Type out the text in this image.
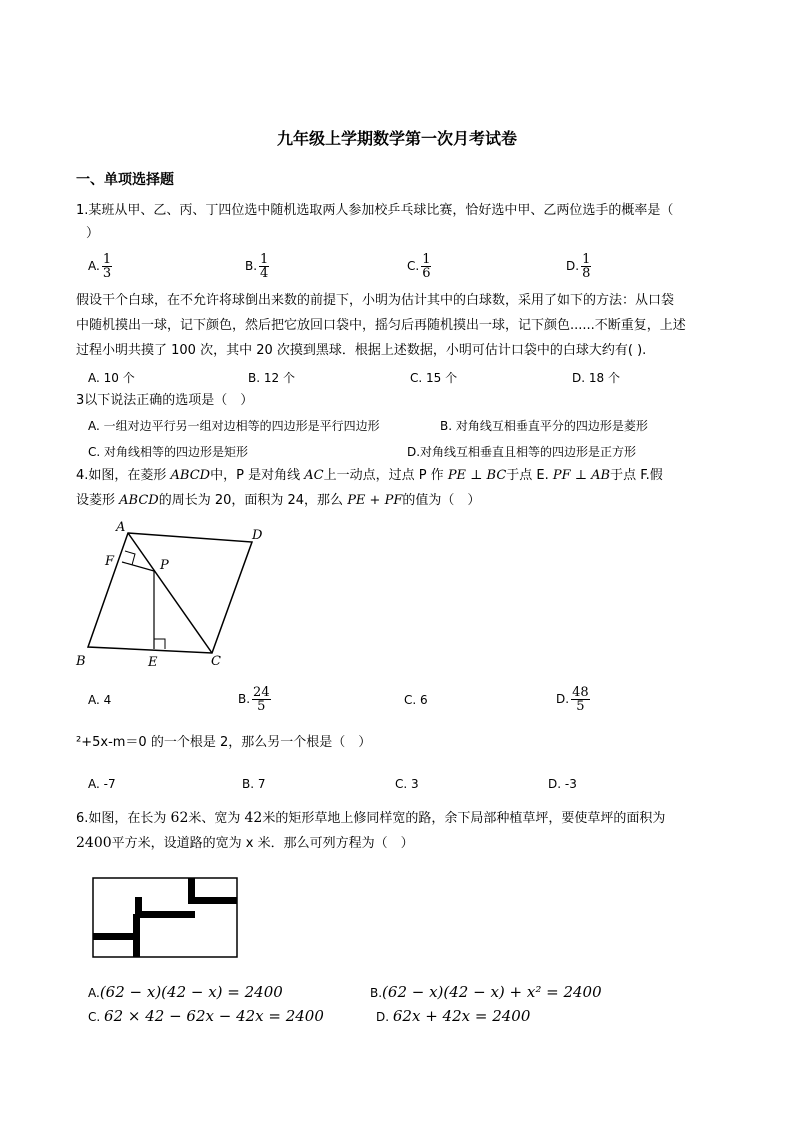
九年级上学期数学第一次月考试卷
一、单项选择题
1.某班从甲、乙、丙、丁四位选中随机选取两人参加校乒乓球比赛，恰好选中甲、乙两位选手的概率是（
）
A. $\frac{1}{3}$	B. $\frac{1}{4}$	C. $\frac{1}{6}$	D. $\frac{1}{8}$
假设干个白球，在不允许将球倒出来数的前提下，小明为估计其中的白球数，采用了如下的方法：从口袋
中随机摸出一球，记下颜色，然后把它放回口袋中，摇匀后再随机摸出一球，记下颜色......不断重复，上述
过程小明共摸了 100 次，其中 20 次摸到黑球．根据上述数据，小明可估计口袋中的白球大约有( ).
A. 10 个	B. 12 个	C. 15 个	D. 18 个
3以下说法正确的选项是（　）
A. 一组对边平行另一组对边相等的四边形是平行四边形	B. 对角线互相垂直平分的四边形是菱形
C. 对角线相等的四边形是矩形	D.对角线互相垂直且相等的四边形是正方形
4.如图，在菱形 ABCD中，P 是对角线 AC上一动点，过点 P 作 PE ⊥ BC于点 E. PF ⊥ AB于点 F.假
设菱形 ABCD的周长为 20，面积为 24，那么 PE + PF的值为（　）
A
D
B	C
E
F	P
A. 4	B. $\frac{24}{5}$	C. 6	D. $\frac{48}{5}$
²+5x-m＝0 的一个根是 2，那么另一个根是（　）
A. -7	B. 7	C. 3	D. -3
6.如图，在长为 62米、宽为 42米的矩形草地上修同样宽的路，余下局部种植草坪，要使草坪的面积为
2400平方米，设道路的宽为 x 米．那么可列方程为（　）
A.(62 − x)(42 − x) = 2400	B.(62 − x)(42 − x) + x² = 2400
C. 62 × 42 − 62x − 42x = 2400	D. 62x + 42x = 2400
